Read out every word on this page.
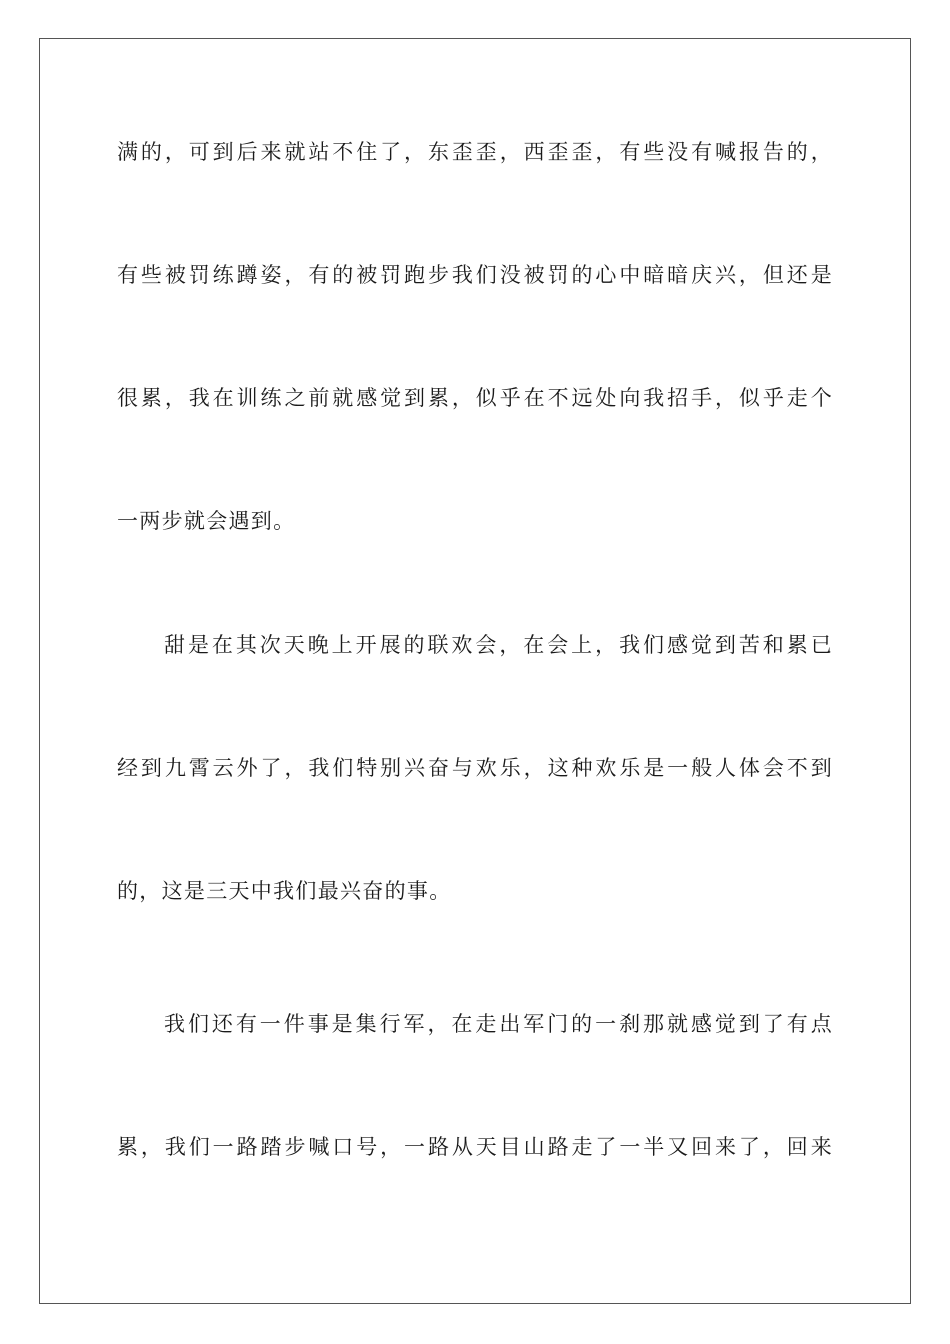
满的，可到后来就站不住了，东歪歪，西歪歪，有些没有喊报告的，
有些被罚练蹲姿，有的被罚跑步我们没被罚的心中暗暗庆兴，但还是
很累，我在训练之前就感觉到累，似乎在不远处向我招手，似乎走个
一两步就会遇到。
甜是在其次天晚上开展的联欢会，在会上，我们感觉到苦和累已
经到九霄云外了，我们特别兴奋与欢乐，这种欢乐是一般人体会不到
的，这是三天中我们最兴奋的事。
我们还有一件事是集行军，在走出军门的一刹那就感觉到了有点
累，我们一路踏步喊口号，一路从天目山路走了一半又回来了，回来
